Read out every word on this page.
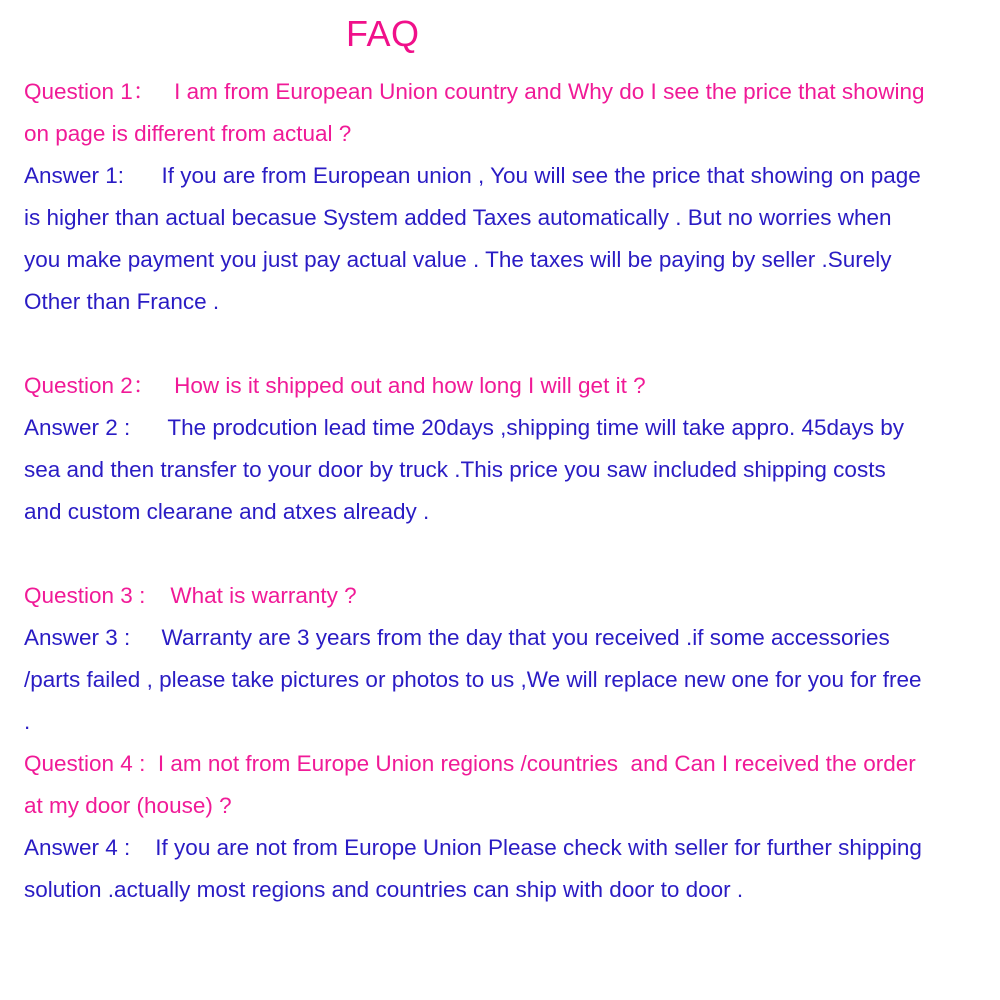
FAQ
Question 1：   I am from European Union country and Why do I see the price that showing
on page is different from actual ?
Answer 1:      If you are from European union , You will see the price that showing on page
is higher than actual becasue System added Taxes automatically . But no worries when
you make payment you just pay actual value . The taxes will be paying by seller .Surely
Other than France .
Question 2：   How is it shipped out and how long I will get it ?
Answer 2 :      The prodcution lead time 20days ,shipping time will take appro. 45days by
sea and then transfer to your door by truck .This price you saw included shipping costs
and custom clearane and atxes already .
Question 3 :    What is warranty ?
Answer 3 :     Warranty are 3 years from the day that you received .if some accessories
/parts failed , please take pictures or photos to us ,We will replace new one for you for free
.
Question 4 :  I am not from Europe Union regions /countries  and Can I received the order
at my door (house) ?
Answer 4 :    If you are not from Europe Union Please check with seller for further shipping
solution .actually most regions and countries can ship with door to door .
